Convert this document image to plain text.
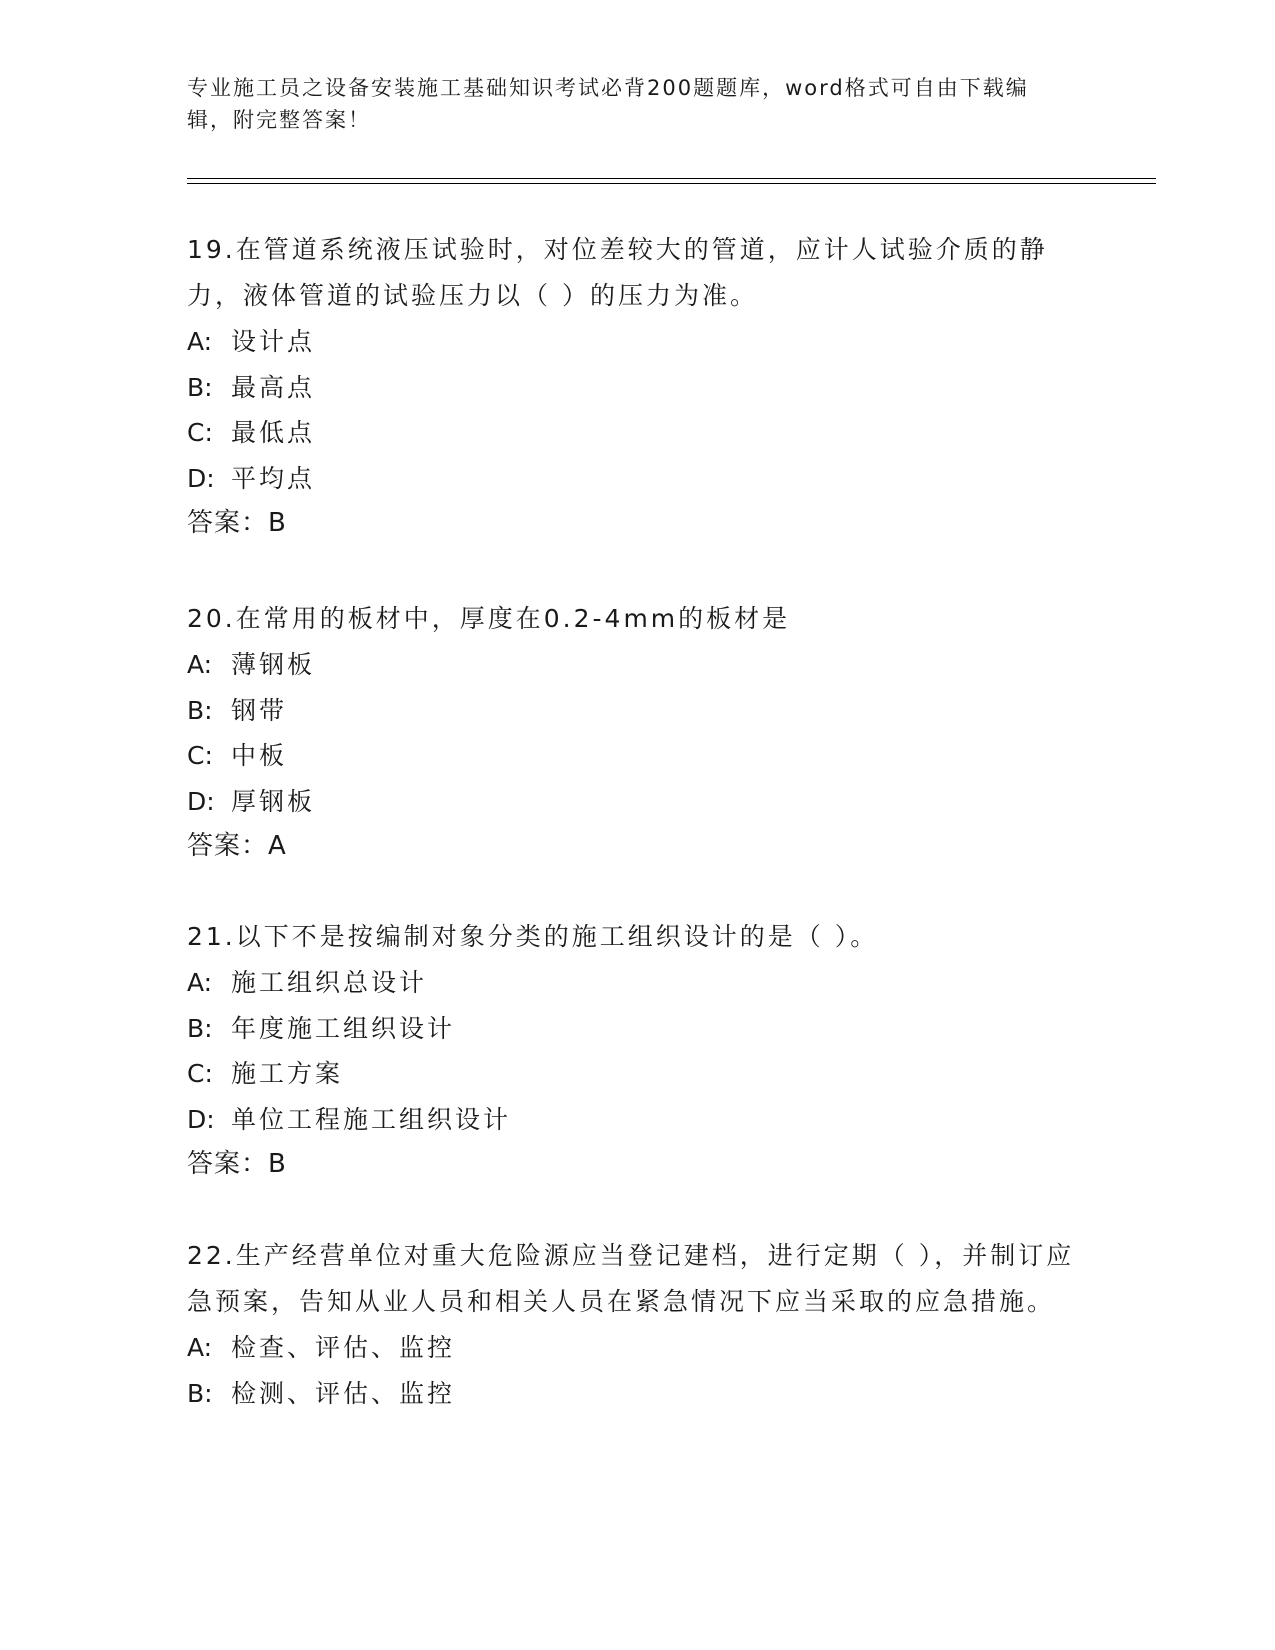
专业施工员之设备安装施工基础知识考试必背200题题库，word格式可自由下载编辑，附完整答案！

19.在管道系统液压试验时，对位差较大的管道，应计人试验介质的静力，液体管道的试验压力以（ ）的压力为准。

A: 设计点

B: 最高点

C: 最低点

D: 平均点

答案：B

20.在常用的板材中，厚度在0.2-4mm的板材是

A: 薄钢板

B: 钢带

C: 中板

D: 厚钢板

答案：A

21.以下不是按编制对象分类的施工组织设计的是（ ）。

A: 施工组织总设计

B: 年度施工组织设计

C: 施工方案

D: 单位工程施工组织设计

答案：B

22.生产经营单位对重大危险源应当登记建档，进行定期（ ），并制订应急预案，告知从业人员和相关人员在紧急情况下应当采取的应急措施。

A: 检查、评估、监控

B: 检测、评估、监控
